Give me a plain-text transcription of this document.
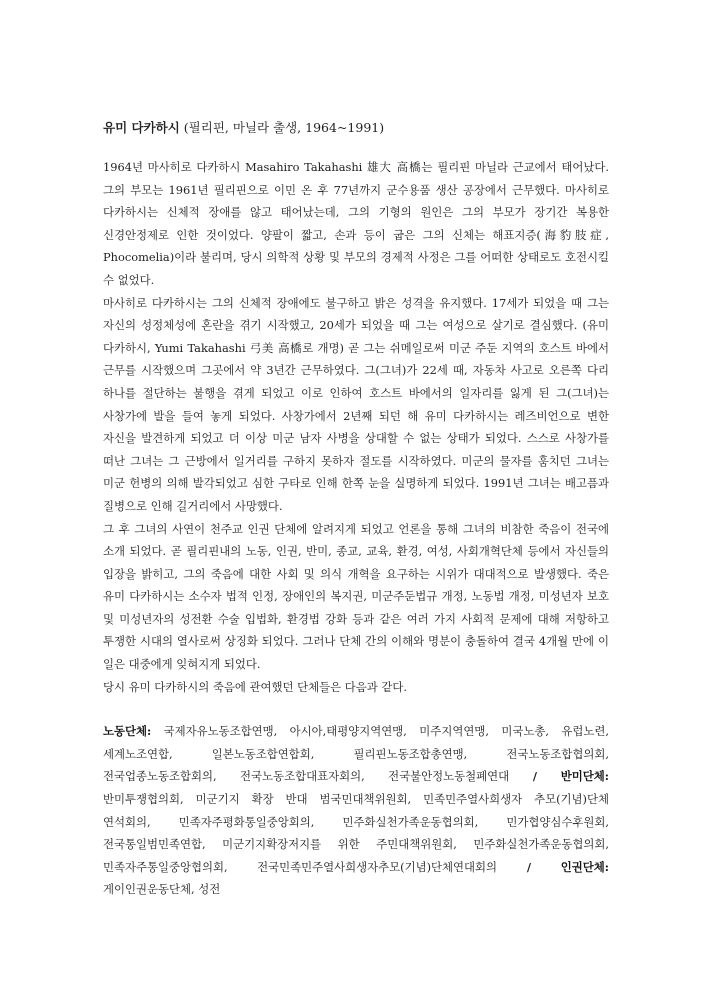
유미 다카하시 (필리핀, 마닐라 출생, 1964~1991)

1964년 마사히로 다카하시 Masahiro Takahashi 雄大 高橋는 필리핀 마닐라 근교에서 태어났다. 그의 부모는 1961년 필리핀으로 이민 온 후 77년까지 군수용품 생산 공장에서 근무했다. 마사히로 다카하시는 신체적 장애를 않고 태어났는데, 그의 기형의 원인은 그의 부모가 장기간 복용한 신경안정제로 인한 것이었다. 양팔이 짧고, 손과 등이 굽은 그의 신체는 해표지증(海豹肢症, Phocomelia)이라 불리며, 당시 의학적 상황 및 부모의 경제적 사정은 그를 어떠한 상태로도 호전시킬 수 없었다.

마사히로 다카하시는 그의 신체적 장애에도 불구하고 밝은 성격을 유지했다. 17세가 되었을 때 그는 자신의 성정체성에 혼란을 겪기 시작했고, 20세가 되었을 때 그는 여성으로 살기로 결심했다. (유미 다카하시, Yumi Takahashi 弓美 高橋로 개명) 곧 그는 쉬메일로써 미군 주둔 지역의 호스트 바에서 근무를 시작했으며 그곳에서 약 3년간 근무하였다. 그(그녀)가 22세 때, 자동차 사고로 오른쪽 다리 하나를 절단하는 불행을 겪게 되었고 이로 인하여 호스트 바에서의 일자리를 잃게 된 그(그녀)는 사창가에 발을 들여 놓게 되었다. 사창가에서 2년째 되던 해 유미 다카하시는 레즈비언으로 변한 자신을 발견하게 되었고 더 이상 미군 남자 사병을 상대할 수 없는 상태가 되었다. 스스로 사창가를 떠난 그녀는 그 근방에서 일거리를 구하지 못하자 절도를 시작하였다. 미군의 물자를 훔치던 그녀는 미군 헌병의 의해 발각되었고 심한 구타로 인해 한쪽 눈을 실명하게 되었다. 1991년 그녀는 배고픔과 질병으로 인해 길거리에서 사망했다.

그 후 그녀의 사연이 천주교 인권 단체에 알려지게 되었고 언론을 통해 그녀의 비참한 죽음이 전국에 소개 되었다. 곧 필리핀내의 노동, 인권, 반미, 종교, 교육, 환경, 여성, 사회개혁단체 등에서 자신들의 입장을 밝히고, 그의 죽음에 대한 사회 및 의식 개혁을 요구하는 시위가 대대적으로 발생했다. 죽은 유미 다카하시는 소수자 법적 인정, 장애인의 복지권, 미군주둔법규 개정, 노동법 개정, 미성년자 보호 및 미성년자의 성전환 수술 입법화, 환경법 강화 등과 같은 여러 가지 사회적 문제에 대해 저항하고 투쟁한 시대의 열사로써 상징화 되었다. 그러나 단체 간의 이해와 명분이 충돌하여 결국 4개월 만에 이 일은 대중에게 잊혀지게 되었다.

당시 유미 다카하시의 죽음에 관여했던 단체들은 다음과 같다.

노동단체: 국제자유노동조합연맹, 아시아,태평양지역연맹, 미주지역연맹, 미국노총, 유럽노련, 세계노조연합, 일본노동조합연합회, 필리핀노동조합총연맹, 전국노동조합협의회, 전국업종노동조합회의, 전국노동조합대표자회의, 전국불안정노동철폐연대 / 반미단체: 반미투쟁협의회, 미군기지 확장 반대 범국민대책위원회, 민족민주열사희생자 추모(기념)단체 연석회의, 민족자주평화통일중앙회의, 민주화실천가족운동협의회, 민가협양심수후원회, 전국통일범민족연합, 미군기지확장저지를 위한 주민대책위원회, 민주화실천가족운동협의회, 민족자주통일중앙협의회, 전국민족민주열사희생자추모(기념)단체연대회의 / 인권단체: 게이인권운동단체, 성전
